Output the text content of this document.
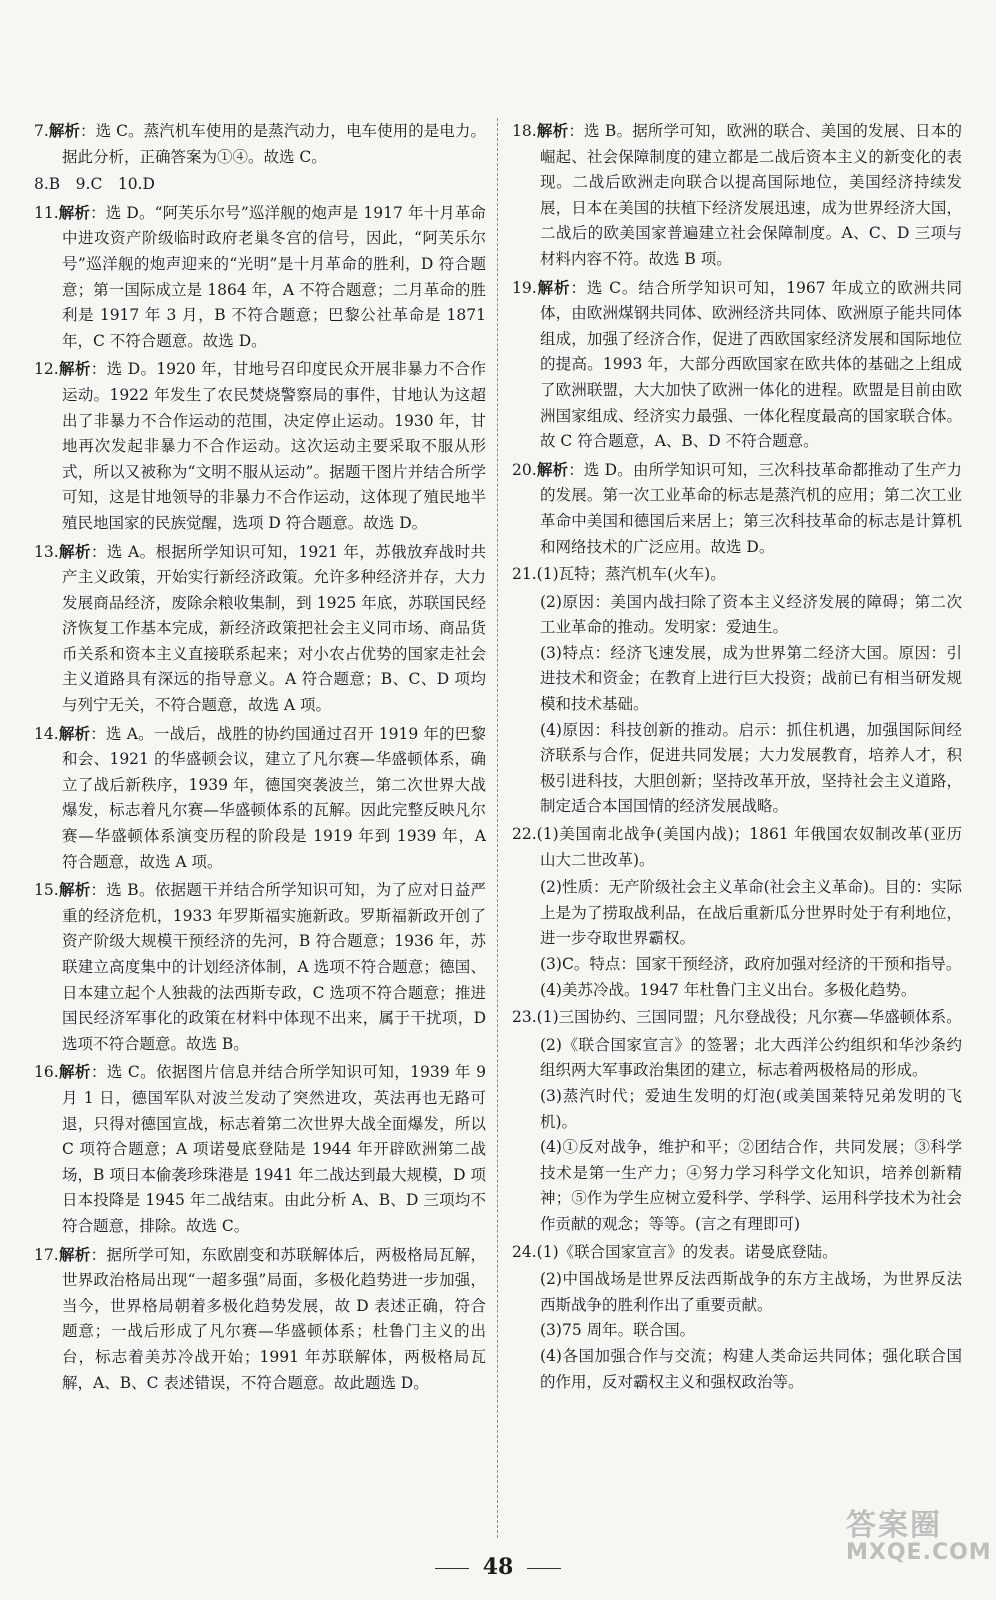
7.解析：选 C。蒸汽机车使用的是蒸汽动力，电车使用的是电力。据此分析，正确答案为①④。故选 C。
8.B　9.C　10.D
11.解析：选 D。“阿芙乐尔号”巡洋舰的炮声是 1917 年十月革命中进攻资产阶级临时政府老巢冬宫的信号，因此，“阿芙乐尔号”巡洋舰的炮声迎来的“光明”是十月革命的胜利，D 符合题意；第一国际成立是 1864 年，A 不符合题意；二月革命的胜利是 1917 年 3 月，B 不符合题意；巴黎公社革命是 1871 年，C 不符合题意。故选 D。
12.解析：选 D。1920 年，甘地号召印度民众开展非暴力不合作运动。1922 年发生了农民焚烧警察局的事件，甘地认为这超出了非暴力不合作运动的范围，决定停止运动。1930 年，甘地再次发起非暴力不合作运动。这次运动主要采取不服从形式，所以又被称为“文明不服从运动”。据题干图片并结合所学可知，这是甘地领导的非暴力不合作运动，这体现了殖民地半殖民地国家的民族觉醒，选项 D 符合题意。故选 D。
13.解析：选 A。根据所学知识可知，1921 年，苏俄放弃战时共产主义政策，开始实行新经济政策。允许多种经济并存，大力发展商品经济，废除余粮收集制，到 1925 年底，苏联国民经济恢复工作基本完成，新经济政策把社会主义同市场、商品货币关系和资本主义直接联系起来；对小农占优势的国家走社会主义道路具有深远的指导意义。A 符合题意；B、C、D 项均与列宁无关，不符合题意，故选 A 项。
14.解析：选 A。一战后，战胜的协约国通过召开 1919 年的巴黎和会、1921 的华盛顿会议，建立了凡尔赛—华盛顿体系，确立了战后新秩序，1939 年，德国突袭波兰，第二次世界大战爆发，标志着凡尔赛—华盛顿体系的瓦解。因此完整反映凡尔赛—华盛顿体系演变历程的阶段是 1919 年到 1939 年，A 符合题意，故选 A 项。
15.解析：选 B。依据题干并结合所学知识可知，为了应对日益严重的经济危机，1933 年罗斯福实施新政。罗斯福新政开创了资产阶级大规模干预经济的先河，B 符合题意；1936 年，苏联建立高度集中的计划经济体制，A 选项不符合题意；德国、日本建立起个人独裁的法西斯专政，C 选项不符合题意；推进国民经济军事化的政策在材料中体现不出来，属于干扰项，D 选项不符合题意。故选 B。
16.解析：选 C。依据图片信息并结合所学知识可知，1939 年 9 月 1 日，德国军队对波兰发动了突然进攻，英法再也无路可退，只得对德国宣战，标志着第二次世界大战全面爆发，所以 C 项符合题意；A 项诺曼底登陆是 1944 年开辟欧洲第二战场，B 项日本偷袭珍珠港是 1941 年二战达到最大规模，D 项日本投降是 1945 年二战结束。由此分析 A、B、D 三项均不符合题意，排除。故选 C。
17.解析：据所学可知，东欧剧变和苏联解体后，两极格局瓦解，世界政治格局出现“一超多强”局面，多极化趋势进一步加强，当今，世界格局朝着多极化趋势发展，故 D 表述正确，符合题意；一战后形成了凡尔赛—华盛顿体系；杜鲁门主义的出台，标志着美苏冷战开始；1991 年苏联解体，两极格局瓦解，A、B、C 表述错误，不符合题意。故此题选 D。
18.解析：选 B。据所学可知，欧洲的联合、美国的发展、日本的崛起、社会保障制度的建立都是二战后资本主义的新变化的表现。二战后欧洲走向联合以提高国际地位，美国经济持续发展，日本在美国的扶植下经济发展迅速，成为世界经济大国，二战后的欧美国家普遍建立社会保障制度。A、C、D 三项与材料内容不符。故选 B 项。
19.解析：选 C。结合所学知识可知，1967 年成立的欧洲共同体，由欧洲煤钢共同体、欧洲经济共同体、欧洲原子能共同体组成，加强了经济合作，促进了西欧国家经济发展和国际地位的提高。1993 年，大部分西欧国家在欧共体的基础之上组成了欧洲联盟，大大加快了欧洲一体化的进程。欧盟是目前由欧洲国家组成、经济实力最强、一体化程度最高的国家联合体。故 C 符合题意，A、B、D 不符合题意。
20.解析：选 D。由所学知识可知，三次科技革命都推动了生产力的发展。第一次工业革命的标志是蒸汽机的应用；第二次工业革命中美国和德国后来居上；第三次科技革命的标志是计算机和网络技术的广泛应用。故选 D。
21.(1)瓦特；蒸汽机车(火车)。
(2)原因：美国内战扫除了资本主义经济发展的障碍；第二次工业革命的推动。发明家：爱迪生。
(3)特点：经济飞速发展，成为世界第二经济大国。原因：引进技术和资金；在教育上进行巨大投资；战前已有相当研发规模和技术基础。
(4)原因：科技创新的推动。启示：抓住机遇，加强国际间经济联系与合作，促进共同发展；大力发展教育，培养人才，积极引进科技，大胆创新；坚持改革开放，坚持社会主义道路，制定适合本国国情的经济发展战略。
22.(1)美国南北战争(美国内战)；1861 年俄国农奴制改革(亚历山大二世改革)。
(2)性质：无产阶级社会主义革命(社会主义革命)。目的：实际上是为了捞取战利品，在战后重新瓜分世界时处于有利地位，进一步夺取世界霸权。
(3)C。特点：国家干预经济，政府加强对经济的干预和指导。
(4)美苏冷战。1947 年杜鲁门主义出台。多极化趋势。
23.(1)三国协约、三国同盟；凡尔登战役；凡尔赛—华盛顿体系。
(2)《联合国家宣言》的签署；北大西洋公约组织和华沙条约组织两大军事政治集团的建立，标志着两极格局的形成。
(3)蒸汽时代；爱迪生发明的灯泡(或美国莱特兄弟发明的飞机)。
(4)①反对战争，维护和平；②团结合作，共同发展；③科学技术是第一生产力；④努力学习科学文化知识，培养创新精神；⑤作为学生应树立爱科学、学科学、运用科学技术为社会作贡献的观念；等等。(言之有理即可)
24.(1)《联合国家宣言》的发表。诺曼底登陆。
(2)中国战场是世界反法西斯战争的东方主战场，为世界反法西斯战争的胜利作出了重要贡献。
(3)75 周年。联合国。
(4)各国加强合作与交流；构建人类命运共同体；强化联合国的作用，反对霸权主义和强权政治等。
48
答案圈
MXQE.COM
